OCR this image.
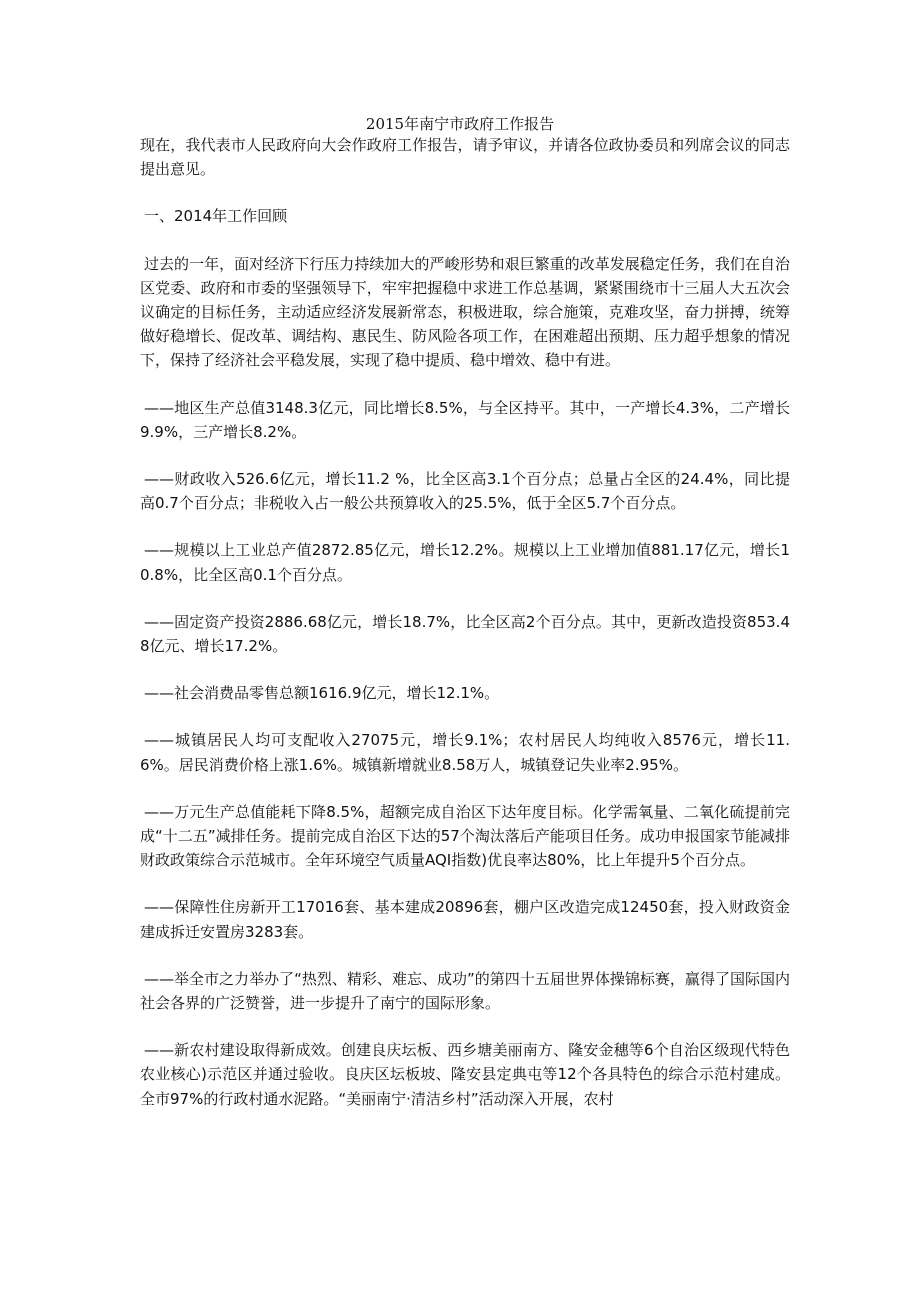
2015年南宁市政府工作报告

现在，我代表市人民政府向大会作政府工作报告，请予审议，并请各位政协委员和列席会议的同志提出意见。

一、2014年工作回顾

过去的一年，面对经济下行压力持续加大的严峻形势和艰巨繁重的改革发展稳定任务，我们在自治区党委、政府和市委的坚强领导下，牢牢把握稳中求进工作总基调，紧紧围绕市十三届人大五次会议确定的目标任务，主动适应经济发展新常态，积极进取，综合施策，克难攻坚，奋力拼搏，统筹做好稳增长、促改革、调结构、惠民生、防风险各项工作，在困难超出预期、压力超乎想象的情况下，保持了经济社会平稳发展，实现了稳中提质、稳中增效、稳中有进。

——地区生产总值3148.3亿元，同比增长8.5%，与全区持平。其中，一产增长4.3%，二产增长9.9%，三产增长8.2%。

——财政收入526.6亿元，增长11.2 %，比全区高3.1个百分点；总量占全区的24.4%，同比提高0.7个百分点；非税收入占一般公共预算收入的25.5%，低于全区5.7个百分点。

——规模以上工业总产值2872.85亿元，增长12.2%。规模以上工业增加值881.17亿元，增长10.8%，比全区高0.1个百分点。

——固定资产投资2886.68亿元，增长18.7%，比全区高2个百分点。其中，更新改造投资853.48亿元、增长17.2%。

——社会消费品零售总额1616.9亿元，增长12.1%。

——城镇居民人均可支配收入27075元，增长9.1%；农村居民人均纯收入8576元，增长11.6%。居民消费价格上涨1.6%。城镇新增就业8.58万人，城镇登记失业率2.95%。

——万元生产总值能耗下降8.5%，超额完成自治区下达年度目标。化学需氧量、二氧化硫提前完成“十二五”减排任务。提前完成自治区下达的57个淘汰落后产能项目任务。成功申报国家节能减排财政政策综合示范城市。全年环境空气质量AQI指数)优良率达80%，比上年提升5个百分点。

——保障性住房新开工17016套、基本建成20896套，棚户区改造完成12450套，投入财政资金建成拆迁安置房3283套。

——举全市之力举办了“热烈、精彩、难忘、成功”的第四十五届世界体操锦标赛，赢得了国际国内社会各界的广泛赞誉，进一步提升了南宁的国际形象。

——新农村建设取得新成效。创建良庆坛板、西乡塘美丽南方、隆安金穗等6个自治区级现代特色农业核心)示范区并通过验收。良庆区坛板坡、隆安县定典屯等12个各具特色的综合示范村建成。全市97%的行政村通水泥路。“美丽南宁·清洁乡村”活动深入开展，农村
